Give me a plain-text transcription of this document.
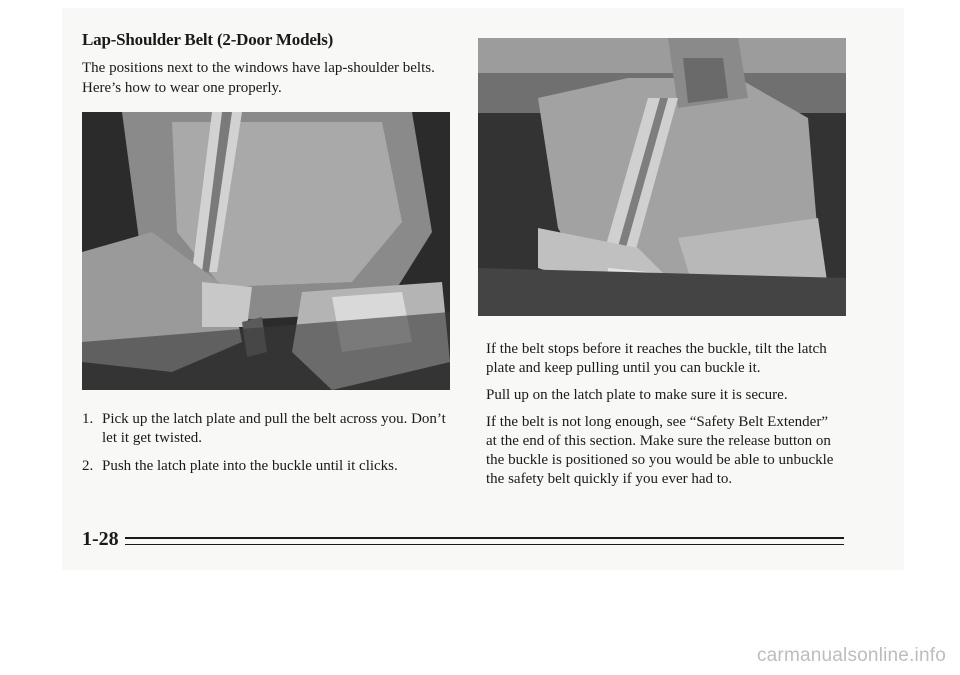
Lap-Shoulder Belt (2-Door Models)
The positions next to the windows have lap-shoulder belts. Here’s how to wear one properly.
1. Pick up the latch plate and pull the belt across you. Don’t let it get twisted.
2. Push the latch plate into the buckle until it clicks.

If the belt stops before it reaches the buckle, tilt the latch plate and keep pulling until you can buckle it.

Pull up on the latch plate to make sure it is secure.

If the belt is not long enough, see “Safety Belt Extender” at the end of this section. Make sure the release button on the buckle is positioned so you would be able to unbuckle the safety belt quickly if you ever had to.

1-28
carmanualsonline.info
